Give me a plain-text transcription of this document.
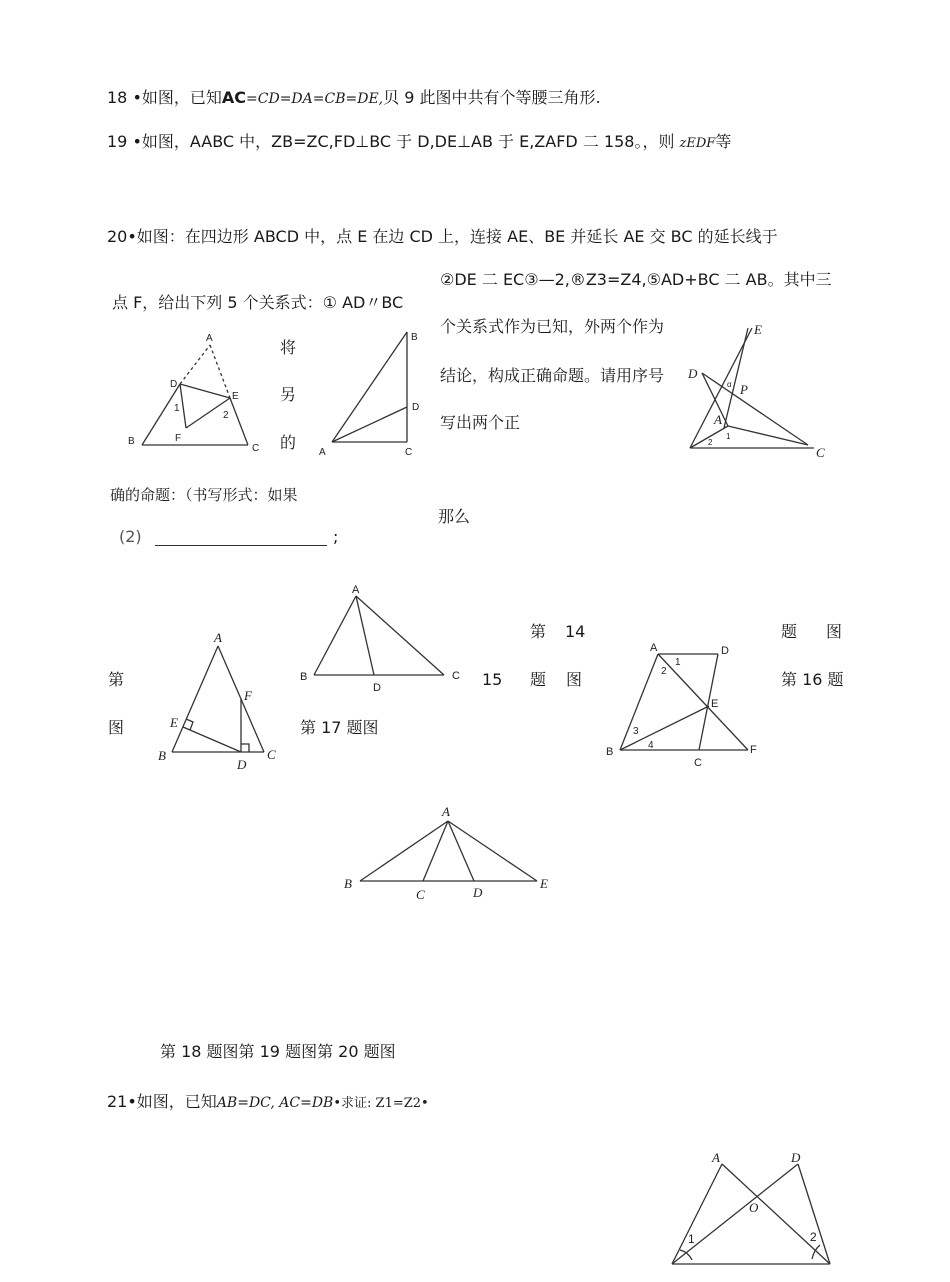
18 •如图，已知AC=CD=DA=CB=DE,贝 9 此图中共有个等腰三角形.
19 •如图，AABC 中，ZB=ZC,FD⊥BC 于 D,DE⊥AB 于 E,ZAFD 二 158。，则 zEDF等
20•如图：在四边形 ABCD 中，点 E 在边 CD 上，连接 AE、BE 并延长 AE 交 BC 的延长线于
②DE 二 EC③—2,®Z3=Z4,⑤AD+BC 二 AB。其中三
点 F，给出下列 5 个关系式：① AD〃BC
个关系式作为已知，外两个作为
结论，构成正确命题。请用序号
写出两个正
将
另
的
确的命题：（书写形式：如果
那么
(2)	;
A
B
C
D
E
F
1
2
A
B
C
D
E
D
P
A
C
α
1
2
A
B	C
D
第 14	题 图
第
图
15 题 图	第 16 题
第 17 题图
A
B	C
D
E
F
A
B
C
D
E
F
1
2
3
4
A
B
C	D
E
第 18 题图第 19 题图第 20 题图
21•如图，已知AB=DC, AC=DB•求证: Z1=Z2•
A	D
O
1	2
